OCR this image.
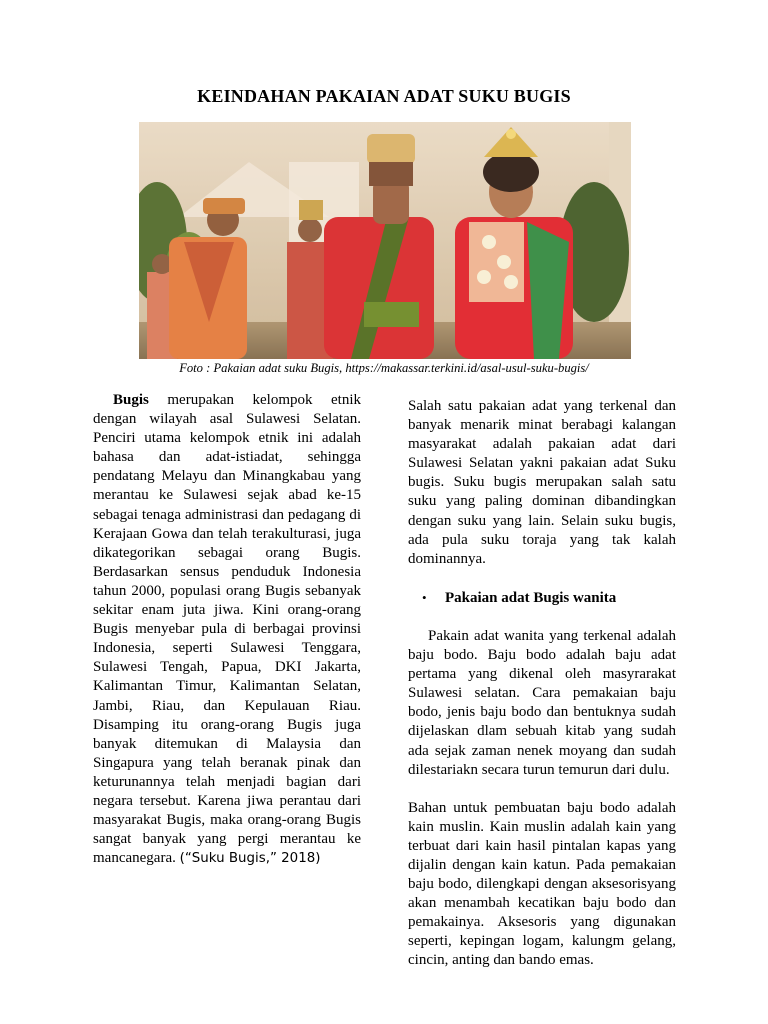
KEINDAHAN PAKAIAN ADAT SUKU BUGIS
Foto : Pakaian adat suku Bugis, https://makassar.terkini.id/asal-usul-suku-bugis/

Bugis merupakan kelompok etnik dengan wilayah asal Sulawesi Selatan. Penciri utama kelompok etnik ini adalah bahasa dan adat-istiadat, sehingga pendatang Melayu dan Minangkabau yang merantau ke Sulawesi sejak abad ke-15 sebagai tenaga administrasi dan pedagang di Kerajaan Gowa dan telah terakulturasi, juga dikategorikan sebagai orang Bugis. Berdasarkan sensus penduduk Indonesia tahun 2000, populasi orang Bugis sebanyak sekitar enam juta jiwa. Kini orang-orang Bugis menyebar pula di berbagai provinsi Indonesia, seperti Sulawesi Tenggara, Sulawesi Tengah, Papua, DKI Jakarta, Kalimantan Timur, Kalimantan Selatan, Jambi, Riau, dan Kepulauan Riau. Disamping itu orang-orang Bugis juga banyak ditemukan di Malaysia dan Singapura yang telah beranak pinak dan keturunannya telah menjadi bagian dari negara tersebut. Karena jiwa perantau dari masyarakat Bugis, maka orang-orang Bugis sangat banyak yang pergi merantau ke mancanegara. (“Suku Bugis,” 2018)

Salah satu pakaian adat yang terkenal dan banyak menarik minat berabagi kalangan masyarakat adalah pakaian adat dari Sulawesi Selatan yakni pakaian adat Suku bugis. Suku bugis merupakan salah satu suku yang paling dominan dibandingkan dengan suku yang lain. Selain suku bugis, ada pula suku toraja yang tak kalah dominannya.

•	Pakaian adat Bugis wanita

Pakain adat wanita yang terkenal adalah baju bodo. Baju bodo adalah baju adat pertama yang dikenal oleh masyrarakat Sulawesi selatan. Cara pemakaian baju bodo, jenis baju bodo dan bentuknya sudah dijelaskan dlam sebuah kitab yang sudah ada sejak zaman nenek moyang dan sudah dilestariakn secara turun temurun dari dulu.

Bahan untuk pembuatan baju bodo adalah kain muslin. Kain muslin adalah kain yang terbuat dari kain hasil pintalan kapas yang dijalin dengan kain katun. Pada pemakaian baju bodo, dilengkapi dengan aksesorisyang akan menambah kecatikan baju bodo dan pemakainya. Aksesoris yang digunakan seperti, kepingan logam, kalungm gelang, cincin, anting dan bando emas.
